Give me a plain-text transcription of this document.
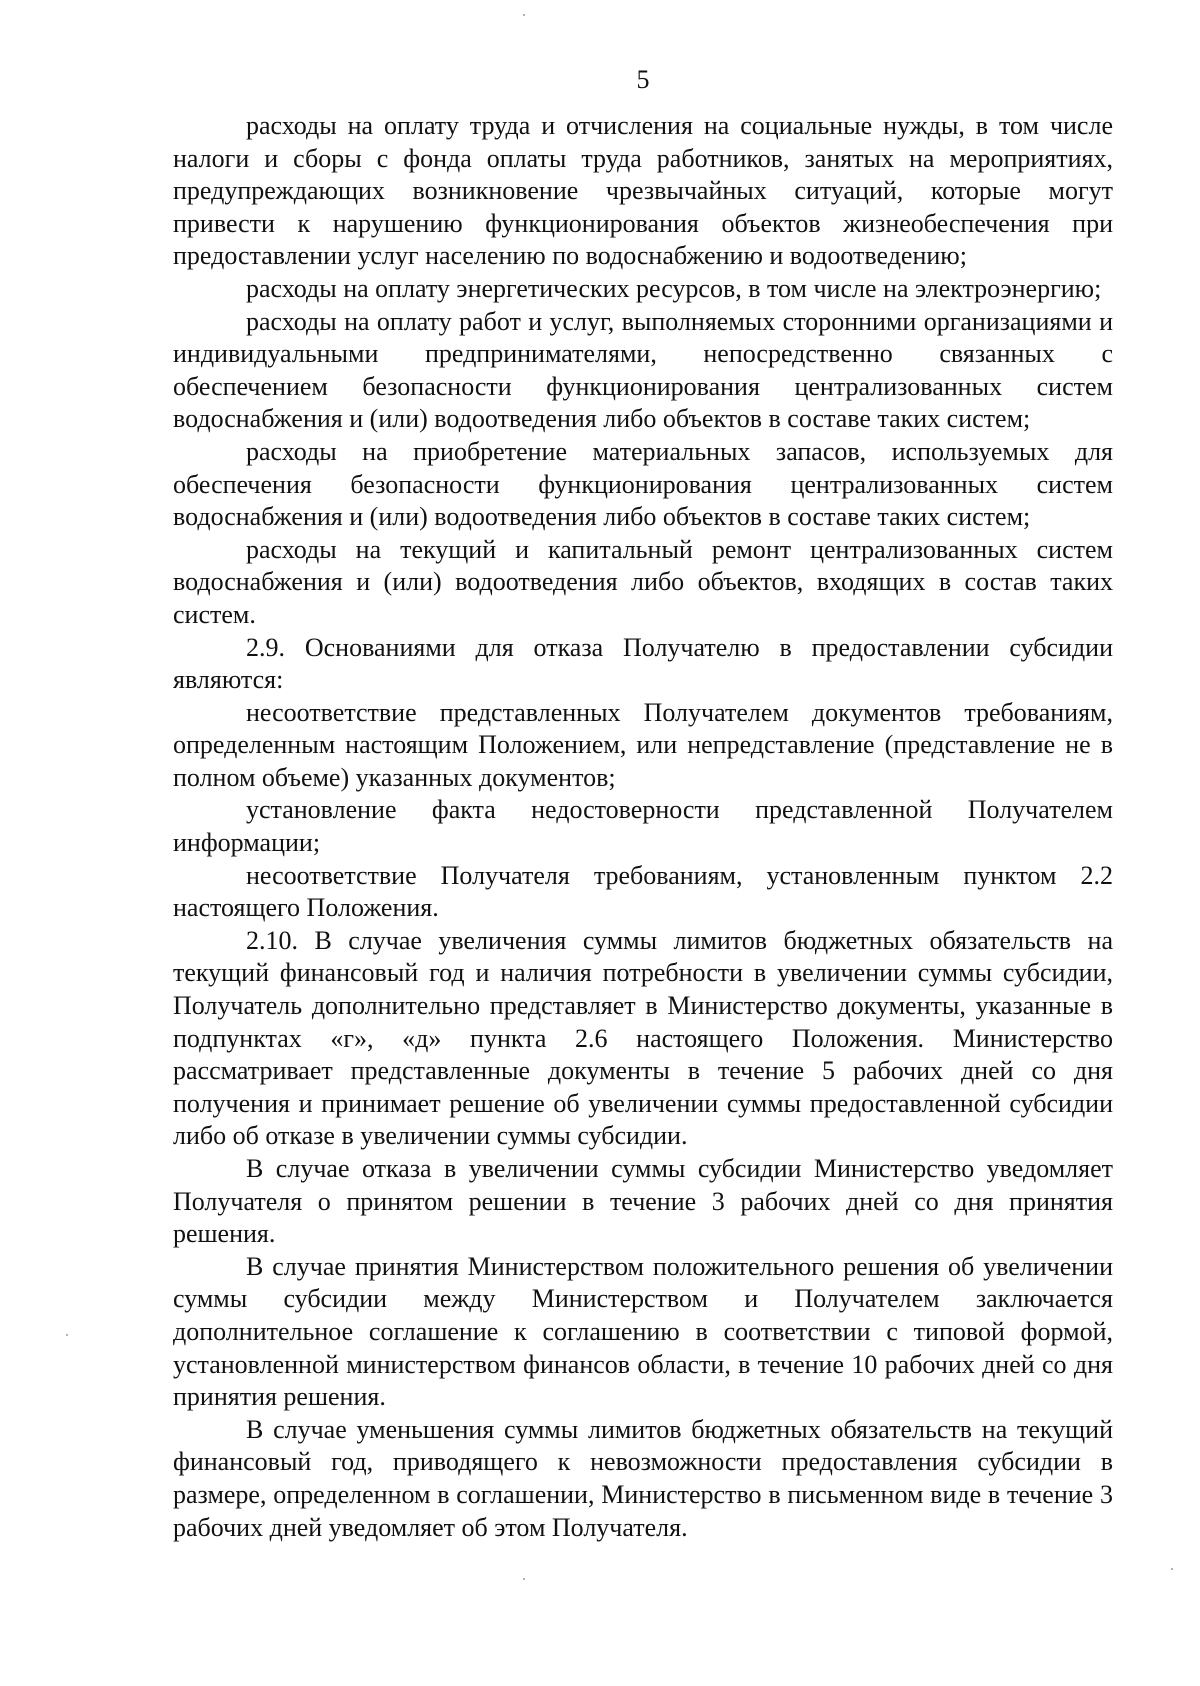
5

расходы на оплату труда и отчисления на социальные нужды, в том числе налоги и сборы с фонда оплаты труда работников, занятых на мероприятиях, предупреждающих возникновение чрезвычайных ситуаций, которые могут привести к нарушению функционирования объектов жизнеобеспечения при предоставлении услуг населению по водоснабжению и водоотведению;

расходы на оплату энергетических ресурсов, в том числе на электроэнергию;

расходы на оплату работ и услуг, выполняемых сторонними организациями и индивидуальными предпринимателями, непосредственно связанных с обеспечением безопасности функционирования централизованных систем водоснабжения и (или) водоотведения либо объектов в составе таких систем;

расходы на приобретение материальных запасов, используемых для обеспечения безопасности функционирования централизованных систем водоснабжения и (или) водоотведения либо объектов в составе таких систем;

расходы на текущий и капитальный ремонт централизованных систем водоснабжения и (или) водоотведения либо объектов, входящих в состав таких систем.

2.9. Основаниями для отказа Получателю в предоставлении субсидии являются:

несоответствие представленных Получателем документов требованиям, определенным настоящим Положением, или непредставление (представление не в полном объеме) указанных документов;

установление факта недостоверности представленной Получателем информации;

несоответствие Получателя требованиям, установленным пунктом 2.2 настоящего Положения.

2.10. В случае увеличения суммы лимитов бюджетных обязательств на текущий финансовый год и наличия потребности в увеличении суммы субсидии, Получатель дополнительно представляет в Министерство документы, указанные в подпунктах «г», «д» пункта 2.6 настоящего Положения. Министерство рассматривает представленные документы в течение 5 рабочих дней со дня получения и принимает решение об увеличении суммы предоставленной субсидии либо об отказе в увеличении суммы субсидии.

В случае отказа в увеличении суммы субсидии Министерство уведомляет Получателя о принятом решении в течение 3 рабочих дней со дня принятия решения.

В случае принятия Министерством положительного решения об увеличении суммы субсидии между Министерством и Получателем заключается дополнительное соглашение к соглашению в соответствии с типовой формой, установленной министерством финансов области, в течение 10 рабочих дней со дня принятия решения.

В случае уменьшения суммы лимитов бюджетных обязательств на текущий финансовый год, приводящего к невозможности предоставления субсидии в размере, определенном в соглашении, Министерство в письменном виде в течение 3 рабочих дней уведомляет об этом Получателя.
